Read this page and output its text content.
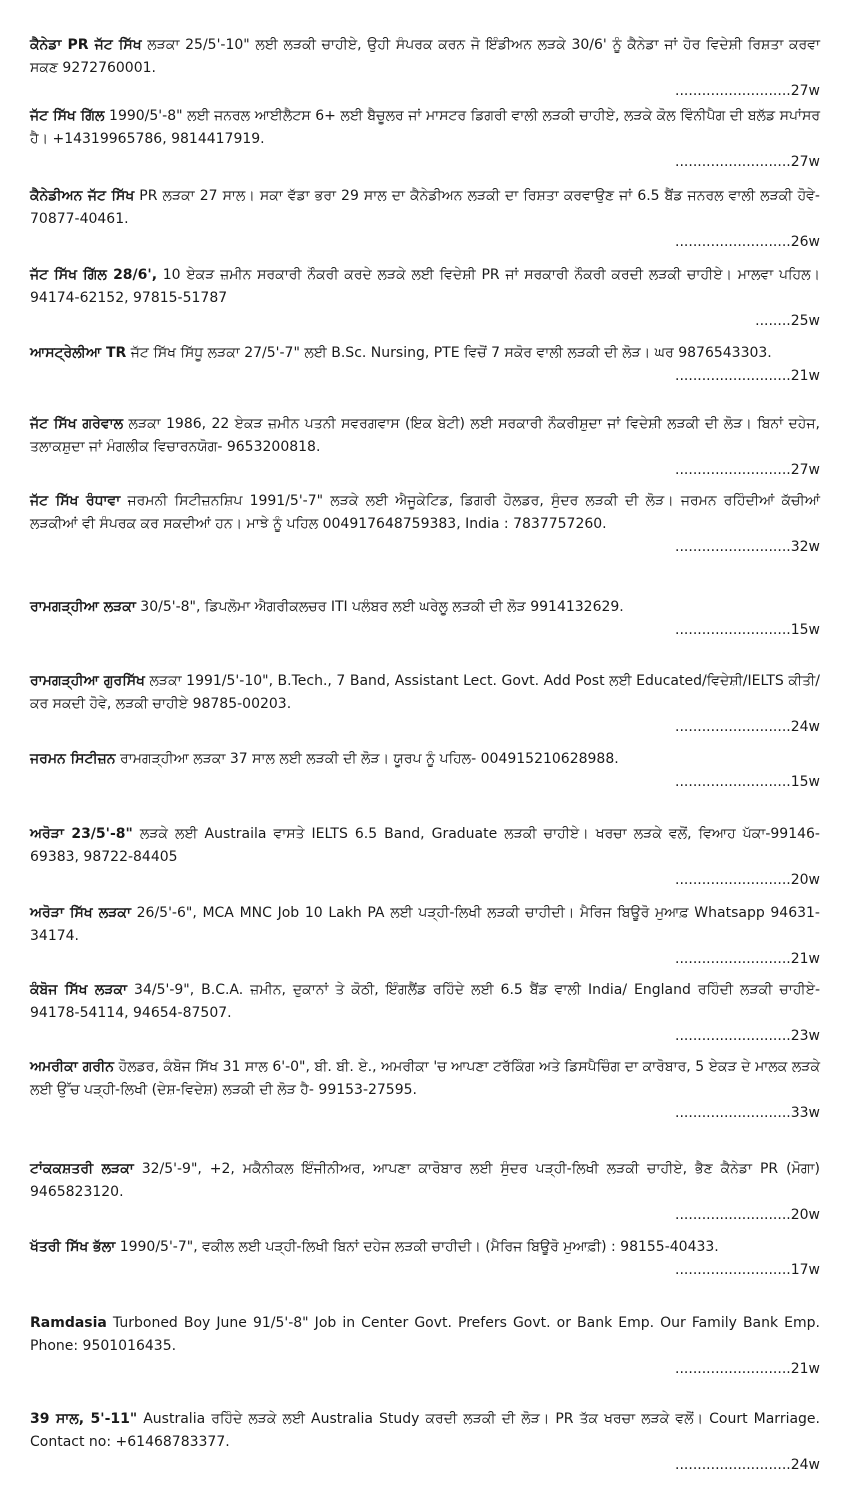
ਕੈਨੇਡਾ PR ਜੱਟ ਸਿੱਖ ਲੜਕਾ 25/5'-10" ਲਈ ਲੜਕੀ ਚਾਹੀਏ, ਉਹੀ ਸੰਪਰਕ ਕਰਨ ਜੋ ਇੰਡੀਅਨ ਲੜਕੇ 30/6' ਨੂੰ ਕੈਨੇਡਾ ਜਾਂ ਹੋਰ ਵਿਦੇਸ਼ੀ ਰਿਸ਼ਤਾ ਕਰਵਾ ਸਕਣ 9272760001.
..........................27w
ਜੱਟ ਸਿੱਖ ਗਿੱਲ 1990/5'-8" ਲਈ ਜਨਰਲ ਆਈਲੈਟਸ 6+ ਲਈ ਬੈਚੂਲਰ ਜਾਂ ਮਾਸਟਰ ਡਿਗਰੀ ਵਾਲੀ ਲੜਕੀ ਚਾਹੀਏ, ਲੜਕੇ ਕੋਲ ਵਿੰਨੀਪੈਗ ਦੀ ਬਲੱਡ ਸਪਾਂਸਰ ਹੈ। +14319965786, 9814417919.
..........................27w
ਕੈਨੇਡੀਅਨ ਜੱਟ ਸਿੱਖ PR ਲੜਕਾ 27 ਸਾਲ। ਸਕਾ ਵੱਡਾ ਭਰਾ 29 ਸਾਲ ਦਾ ਕੈਨੇਡੀਅਨ ਲੜਕੀ ਦਾ ਰਿਸ਼ਤਾ ਕਰਵਾਉਣ ਜਾਂ 6.5 ਬੈਂਡ ਜਨਰਲ ਵਾਲੀ ਲੜਕੀ ਹੋਵੇ- 70877-40461.
..........................26w
ਜੱਟ ਸਿੱਖ ਗਿੱਲ 28/6', 10 ਏਕੜ ਜ਼ਮੀਨ ਸਰਕਾਰੀ ਨੌਕਰੀ ਕਰਦੇ ਲੜਕੇ ਲਈ ਵਿਦੇਸ਼ੀ PR ਜਾਂ ਸਰਕਾਰੀ ਨੌਕਰੀ ਕਰਦੀ ਲੜਕੀ ਚਾਹੀਏ। ਮਾਲਵਾ ਪਹਿਲ। 94174-62152, 97815-51787
........25w
ਆਸਟ੍ਰੇਲੀਆ TR ਜੱਟ ਸਿੱਖ ਸਿੱਧੂ ਲੜਕਾ 27/5'-7" ਲਈ B.Sc. Nursing, PTE ਵਿਚੋਂ 7 ਸਕੋਰ ਵਾਲੀ ਲੜਕੀ ਦੀ ਲੋੜ। ਘਰ 9876543303.
..........................21w
ਜੱਟ ਸਿੱਖ ਗਰੇਵਾਲ ਲੜਕਾ 1986, 22 ਏਕੜ ਜ਼ਮੀਨ ਪਤਨੀ ਸਵਰਗਵਾਸ (ਇਕ ਬੇਟੀ) ਲਈ ਸਰਕਾਰੀ ਨੌਕਰੀਸ਼ੁਦਾ ਜਾਂ ਵਿਦੇਸ਼ੀ ਲੜਕੀ ਦੀ ਲੋੜ। ਬਿਨਾਂ ਦਹੇਜ, ਤਲਾਕਸ਼ੁਦਾ ਜਾਂ ਮੰਗਲੀਕ ਵਿਚਾਰਨਯੋਗ- 9653200818.
..........................27w
ਜੱਟ ਸਿੱਖ ਰੰਧਾਵਾ ਜਰਮਨੀ ਸਿਟੀਜ਼ਨਸ਼ਿਪ 1991/5'-7" ਲੜਕੇ ਲਈ ਐਜੂਕੇਟਿਡ, ਡਿਗਰੀ ਹੋਲਡਰ, ਸੁੰਦਰ ਲੜਕੀ ਦੀ ਲੋੜ। ਜਰਮਨ ਰਹਿੰਦੀਆਂ ਕੱਚੀਆਂ ਲੜਕੀਆਂ ਵੀ ਸੰਪਰਕ ਕਰ ਸਕਦੀਆਂ ਹਨ। ਮਾਝੇ ਨੂੰ ਪਹਿਲ 004917648759383, India : 7837757260.
..........................32w
ਰਾਮਗੜ੍ਹੀਆ ਲੜਕਾ 30/5'-8", ਡਿਪਲੋਮਾ ਐਗਰੀਕਲਚਰ ITI ਪਲੰਬਰ ਲਈ ਘਰੇਲੂ ਲੜਕੀ ਦੀ ਲੋੜ 9914132629.
..........................15w
ਰਾਮਗੜ੍ਹੀਆ ਗੁਰਸਿੱਖ ਲੜਕਾ 1991/5'-10", B.Tech., 7 Band, Assistant Lect. Govt. Add Post ਲਈ Educated/ਵਿਦੇਸ਼ੀ/IELTS ਕੀਤੀ/ਕਰ ਸਕਦੀ ਹੋਵੇ, ਲੜਕੀ ਚਾਹੀਏ 98785-00203.
..........................24w
ਜਰਮਨ ਸਿਟੀਜ਼ਨ ਰਾਮਗੜ੍ਹੀਆ ਲੜਕਾ 37 ਸਾਲ ਲਈ ਲੜਕੀ ਦੀ ਲੋੜ। ਯੂਰਪ ਨੂੰ ਪਹਿਲ- 004915210628988.
..........................15w
ਅਰੋੜਾ 23/5'-8" ਲੜਕੇ ਲਈ Austraila ਵਾਸਤੇ IELTS 6.5 Band, Graduate ਲੜਕੀ ਚਾਹੀਏ। ਖਰਚਾ ਲੜਕੇ ਵਲੋਂ, ਵਿਆਹ ਪੱਕਾ-99146-69383, 98722-84405
..........................20w
ਅਰੋੜਾ ਸਿੱਖ ਲੜਕਾ 26/5'-6", MCA MNC Job 10 Lakh PA ਲਈ ਪੜ੍ਹੀ-ਲਿਖੀ ਲੜਕੀ ਚਾਹੀਦੀ। ਮੈਰਿਜ ਬਿਊਰੋ ਮੁਆਫ਼ Whatsapp 94631-34174.
..........................21w
ਕੰਬੋਜ ਸਿੱਖ ਲੜਕਾ 34/5'-9", B.C.A. ਜ਼ਮੀਨ, ਦੁਕਾਨਾਂ ਤੇ ਕੋਠੀ, ਇੰਗਲੈਂਡ ਰਹਿੰਦੇ ਲਈ 6.5 ਬੈਂਡ ਵਾਲੀ India/ England ਰਹਿੰਦੀ ਲੜਕੀ ਚਾਹੀਏ- 94178-54114, 94654-87507.
..........................23w
ਅਮਰੀਕਾ ਗਰੀਨ ਹੋਲਡਰ, ਕੰਬੋਜ ਸਿੱਖ 31 ਸਾਲ 6'-0", ਬੀ. ਬੀ. ਏ., ਅਮਰੀਕਾ 'ਚ ਆਪਣਾ ਟਰੱਕਿੰਗ ਅਤੇ ਡਿਸਪੈਚਿੰਗ ਦਾ ਕਾਰੋਬਾਰ, 5 ਏਕੜ ਦੇ ਮਾਲਕ ਲੜਕੇ ਲਈ ਉੱਚ ਪੜ੍ਹੀ-ਲਿਖੀ (ਦੇਸ਼-ਵਿਦੇਸ਼) ਲੜਕੀ ਦੀ ਲੋੜ ਹੈ- 99153-27595.
..........................33w
ਟਾਂਕਕਸ਼ਤਰੀ ਲੜਕਾ 32/5'-9", +2, ਮਕੈਨੀਕਲ ਇੰਜੀਨੀਅਰ, ਆਪਣਾ ਕਾਰੋਬਾਰ ਲਈ ਸੁੰਦਰ ਪੜ੍ਹੀ-ਲਿਖੀ ਲੜਕੀ ਚਾਹੀਏ, ਭੈਣ ਕੈਨੇਡਾ PR (ਮੋਗਾ) 9465823120.
..........................20w
ਖੱਤਰੀ ਸਿੱਖ ਭੱਲਾ 1990/5'-7", ਵਕੀਲ ਲਈ ਪੜ੍ਹੀ-ਲਿਖੀ ਬਿਨਾਂ ਦਹੇਜ ਲੜਕੀ ਚਾਹੀਦੀ। (ਮੈਰਿਜ ਬਿਊਰੋ ਮੁਆਫ਼ੀ) : 98155-40433.
..........................17w
Ramdasia Turboned Boy June 91/5'-8" Job in Center Govt. Prefers Govt. or Bank Emp. Our Family Bank Emp. Phone: 9501016435.
..........................21w
39 ਸਾਲ, 5'-11" Australia ਰਹਿੰਦੇ ਲੜਕੇ ਲਈ Australia Study ਕਰਦੀ ਲੜਕੀ ਦੀ ਲੋੜ। PR ਤੱਕ ਖਰਚਾ ਲੜਕੇ ਵਲੋਂ। Court Marriage. Contact no: +61468783377.
..........................24w
